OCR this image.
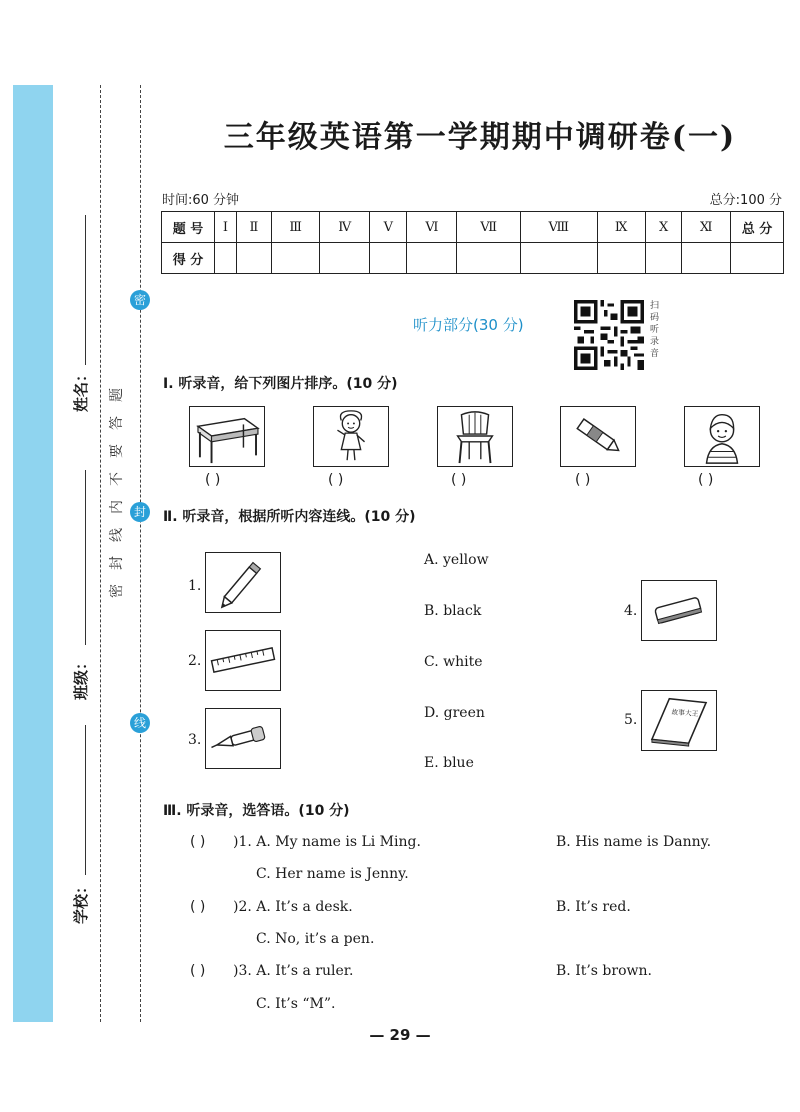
密
封
线
姓名：
班级：
学校：
题
答
要
不
内
线
封
密
三年级英语第一学期期中调研卷(一)
时间:60 分钟	总分:100 分
题 号	Ⅰ	Ⅱ	Ⅲ	Ⅳ	Ⅴ	Ⅵ	Ⅶ	Ⅷ	Ⅸ	Ⅹ	Ⅺ	总 分
得 分												
听力部分(30 分)
扫
码
听
录
音
Ⅰ. 听录音，给下列图片排序。(10 分)
( )	( )	( )	( )	( )
Ⅱ. 听录音，根据所听内容连线。(10 分)
1.
2.
3.
A. yellow
B. black
C. white
D. green
E. blue
4.
5.	故事大王
Ⅲ. 听录音，选答语。(10 分)
( ) )1. A. My name is Li Ming.	B. His name is Danny.
C. Her name is Jenny.
( ) )2. A. It’s a desk.	B. It’s red.
C. No, it’s a pen.
( ) )3. A. It’s a ruler.	B. It’s brown.
C. It’s “M”.
— 29 —
